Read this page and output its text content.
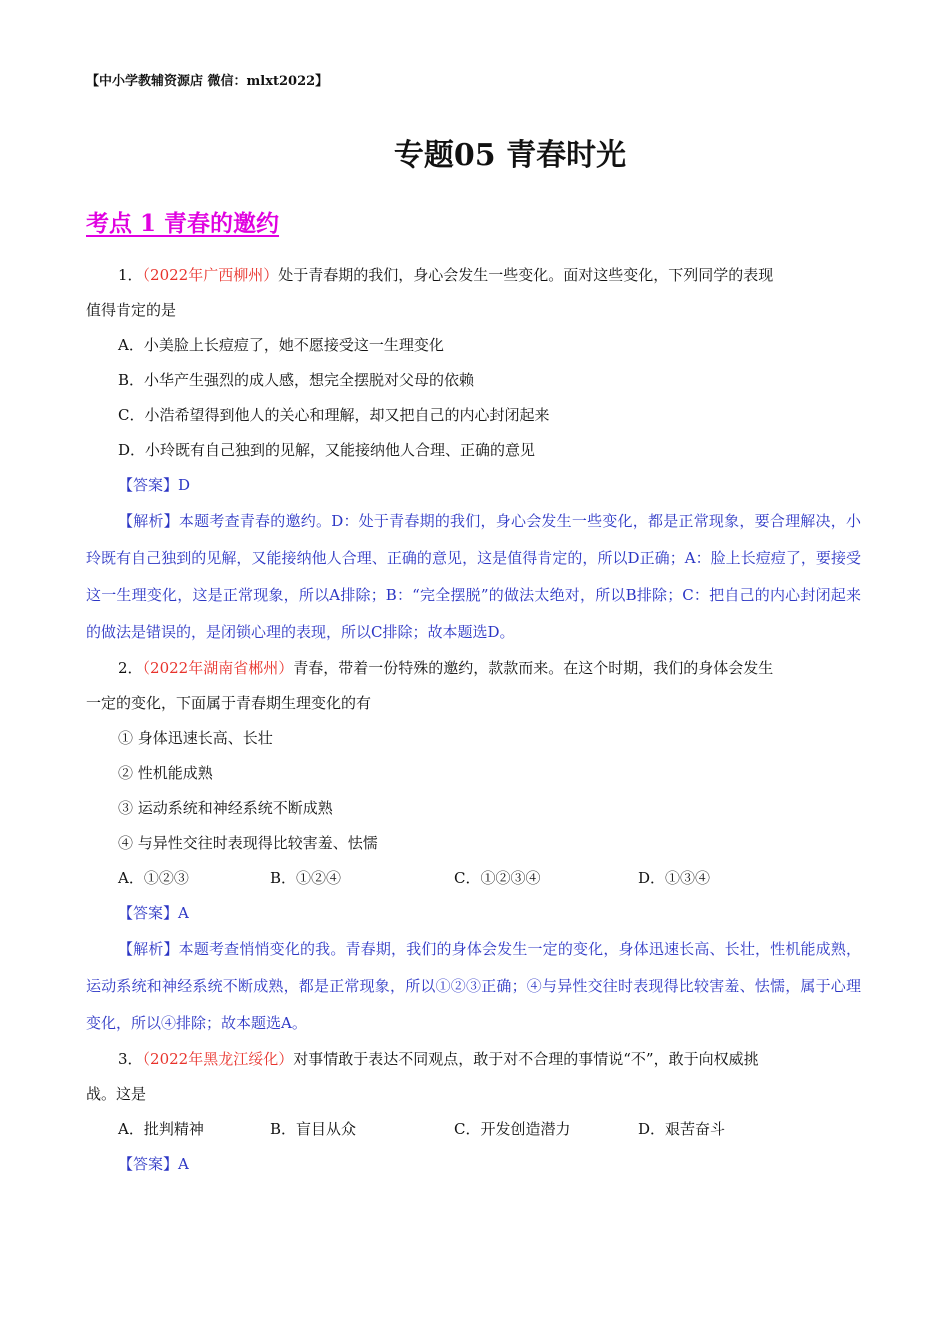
【中小学教辅资源店 微信：mlxt2022】
专题05 青春时光
考点 1 青春的邀约
1．（2022年广西柳州）处于青春期的我们，身心会发生一些变化。面对这些变化，下列同学的表现
值得肯定的是
A．小美脸上长痘痘了，她不愿接受这一生理变化
B．小华产生强烈的成人感，想完全摆脱对父母的依赖
C．小浩希望得到他人的关心和理解，却又把自己的内心封闭起来
D．小玲既有自己独到的见解，又能接纳他人合理、正确的意见
【答案】D

【解析】本题考查青春的邀约。D：处于青春期的我们，身心会发生一些变化，都是正常现象，要合理解决，小玲既有自己独到的见解，又能接纳他人合理、正确的意见，这是值得肯定的，所以D正确；A：脸上长痘痘了，要接受这一生理变化，这是正常现象，所以A排除；B：“完全摆脱”的做法太绝对，所以B排除；C：把自己的内心封闭起来的做法是错误的，是闭锁心理的表现，所以C排除；故本题选D。

2．（2022年湖南省郴州）青春，带着一份特殊的邀约，款款而来。在这个时期，我们的身体会发生
一定的变化，下面属于青春期生理变化的有
① 身体迅速长高、长壮
② 性机能成熟
③ 运动系统和神经系统不断成熟
④ 与异性交往时表现得比较害羞、怯懦
A．①②③	B．①②④	C．①②③④	D．①③④
【答案】A

【解析】本题考查悄悄变化的我。青春期，我们的身体会发生一定的变化，身体迅速长高、长壮，性机能成熟，运动系统和神经系统不断成熟，都是正常现象，所以①②③正确；④与异性交往时表现得比较害羞、怯懦，属于心理变化，所以④排除；故本题选A。

3．（2022年黑龙江绥化）对事情敢于表达不同观点，敢于对不合理的事情说“不”，敢于向权威挑
战。这是
A．批判精神	B．盲目从众	C．开发创造潜力	D．艰苦奋斗
【答案】A
